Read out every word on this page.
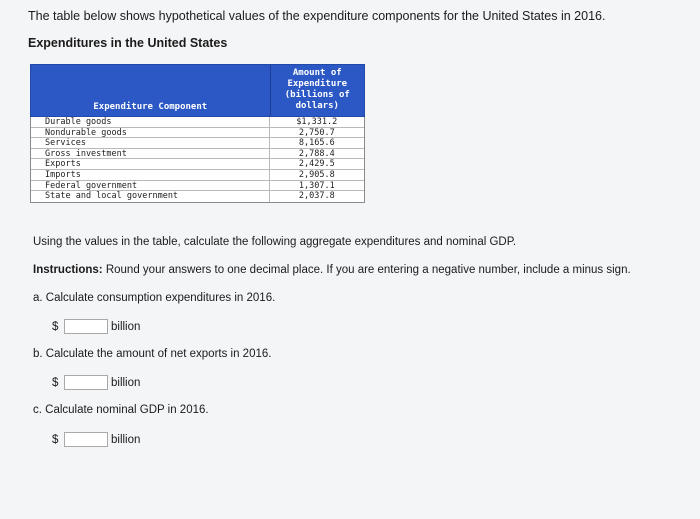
The table below shows hypothetical values of the expenditure components for the United States in 2016.
Expenditures in the United States
Expenditure Component
Amount of
Expenditure
(billions of
dollars)
Durable goods	$1,331.2
Nondurable goods	2,750.7
Services	8,165.6
Gross investment	2,788.4
Exports	2,429.5
Imports	2,905.8
Federal government	1,307.1
State and local government	2,037.8
Using the values in the table, calculate the following aggregate expenditures and nominal GDP.
Instructions: Round your answers to one decimal place. If you are entering a negative number, include a minus sign.
a. Calculate consumption expenditures in 2016.
$	billion
b. Calculate the amount of net exports in 2016.
$	billion
c. Calculate nominal GDP in 2016.
$	billion
